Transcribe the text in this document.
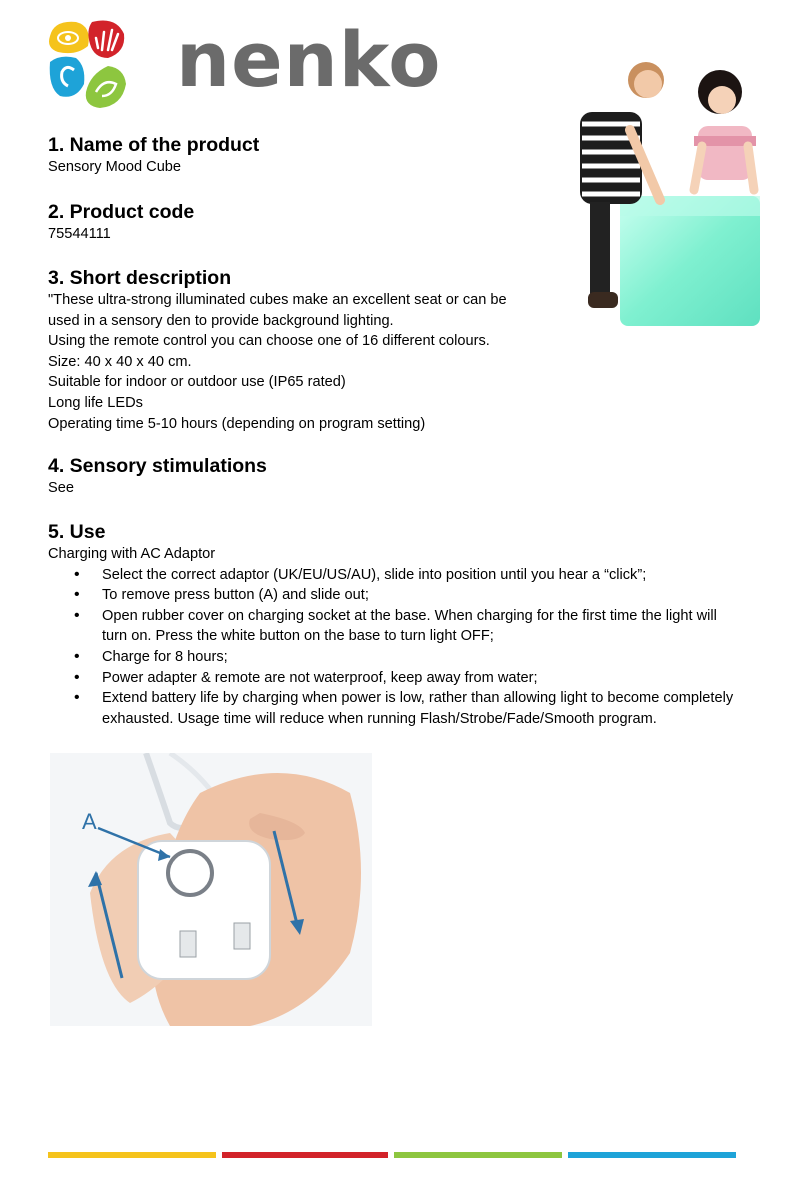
nenko
1. Name of the product

Sensory Mood Cube

2. Product code

75544111

3. Short description

"These ultra-strong illuminated cubes make an excellent seat or can be

used in a sensory den to provide background lighting.

Using the remote control you can choose one of 16 different colours.

Size: 40 x 40 x 40 cm.

Suitable for indoor or outdoor use (IP65 rated)

Long life LEDs

Operating time 5-10 hours (depending on program setting)

4. Sensory stimulations

See

5. Use

Charging with AC Adaptor

• Select the correct adaptor (UK/EU/US/AU), slide into position until you hear a “click”;
• To remove press button (A) and slide out;
• Open rubber cover on charging socket at the base. When charging for the first time the light will turn on. Press the white button on the base to turn light OFF;
• Charge for 8 hours;
• Power adapter & remote are not waterproof, keep away from water;
• Extend battery life by charging when power is low, rather than allowing light to become completely exhausted. Usage time will reduce when running Flash/Strobe/Fade/Smooth program.
A
